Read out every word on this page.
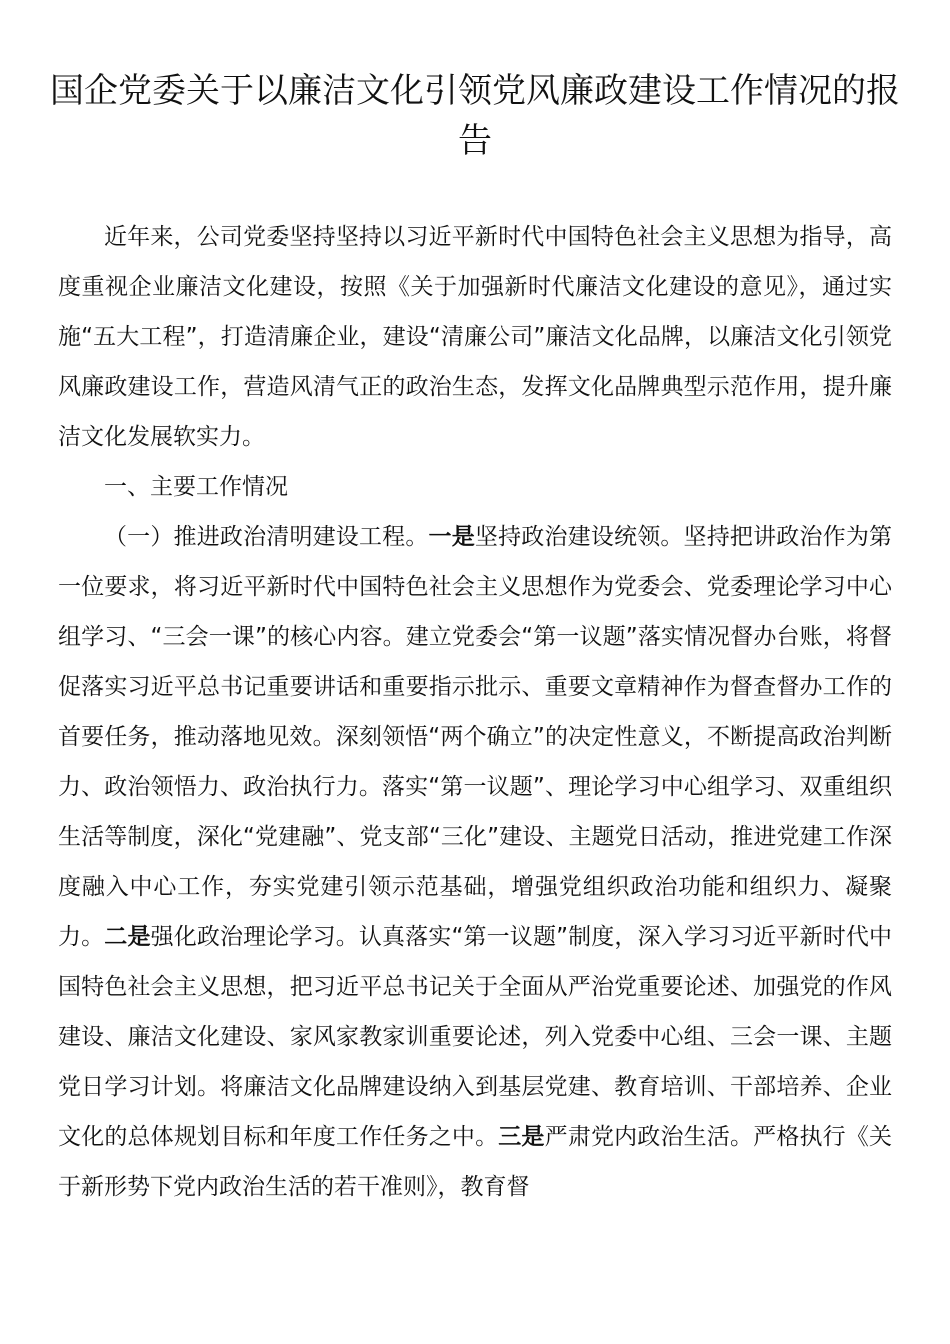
国企党委关于以廉洁文化引领党风廉政建设工作情况的报告

近年来，公司党委坚持坚持以习近平新时代中国特色社会主义思想为指导，高度重视企业廉洁文化建设，按照《关于加强新时代廉洁文化建设的意见》，通过实施“五大工程”，打造清廉企业，建设“清廉公司”廉洁文化品牌，以廉洁文化引领党风廉政建设工作，营造风清气正的政治生态，发挥文化品牌典型示范作用，提升廉洁文化发展软实力。

一、主要工作情况

（一）推进政治清明建设工程。一是坚持政治建设统领。坚持把讲政治作为第一位要求，将习近平新时代中国特色社会主义思想作为党委会、党委理论学习中心组学习、“三会一课”的核心内容。建立党委会“第一议题”落实情况督办台账，将督促落实习近平总书记重要讲话和重要指示批示、重要文章精神作为督查督办工作的首要任务，推动落地见效。深刻领悟“两个确立”的决定性意义，不断提高政治判断力、政治领悟力、政治执行力。落实“第一议题”、理论学习中心组学习、双重组织生活等制度，深化“党建融”、党支部“三化”建设、主题党日活动，推进党建工作深度融入中心工作，夯实党建引领示范基础，增强党组织政治功能和组织力、凝聚力。二是强化政治理论学习。认真落实“第一议题”制度，深入学习习近平新时代中国特色社会主义思想，把习近平总书记关于全面从严治党重要论述、加强党的作风建设、廉洁文化建设、家风家教家训重要论述，列入党委中心组、三会一课、主题党日学习计划。将廉洁文化品牌建设纳入到基层党建、教育培训、干部培养、企业文化的总体规划目标和年度工作任务之中。三是严肃党内政治生活。严格执行《关于新形势下党内政治生活的若干准则》，教育督
